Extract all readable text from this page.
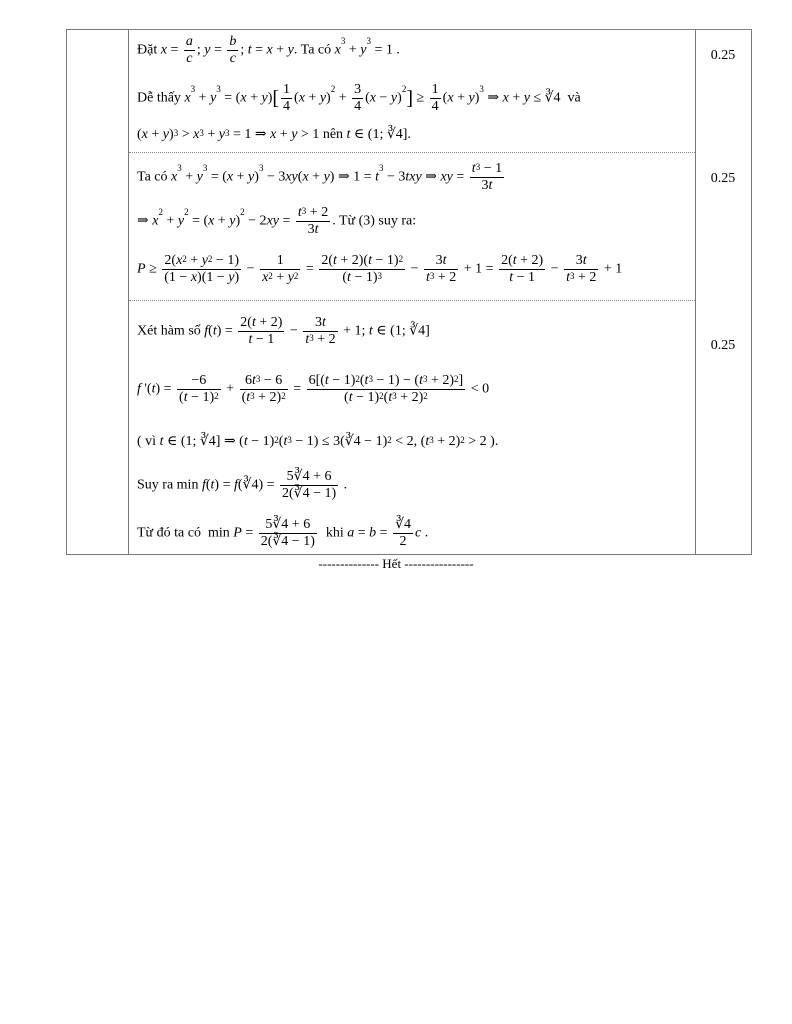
Đặt $x = \frac{a}{c}$ ; $y = \frac{b}{c}$ ; t = x + y. Ta có $x^3 + y^3 = 1$ .
Dễ thấy $x^3 + y^3 = (x + y)[ \frac{1}{4} (x + y)^2 + \frac{3}{4} (x - y)^2] \ge \frac{1}{4} (x + y)^3$ ⇒ x + y ≤ ∛4  và
$(x + y)^3 > x^3 + y^3 = 1$ ⇒ x + y > 1 nên t ∈ (1; ∛4].
0.25
Ta có $x^3 + y^3 = (x + y)^3 - 3xy(x + y)$ ⇒ $1 = t^3 - 3txy$ ⇒ xy = $\frac{t^3 - 1}{3t}$
⇒ $x^2 + y^2 = (x + y)^2 - 2xy = \frac{t^3 + 2}{3t}$ . Từ (3) suy ra:
$P \ge \frac{2(x^2 + y^2 - 1)}{(1 - x)(1 - y)} - \frac{1}{x^2 + y^2} = \frac{2(t + 2)(t - 1)^2}{(t - 1)^3} - \frac{3t}{t^3 + 2} + 1 = \frac{2(t + 2)}{t - 1} - \frac{3t}{t^3 + 2} + 1$
0.25
Xét hàm số $f(t) = \frac{2(t + 2)}{t - 1} - \frac{3t}{t^3 + 2} + 1$; t ∈ (1; ∛4]
f '$(t) = \frac{-6}{(t - 1)^2} + \frac{6t^3 - 6}{(t^3 + 2)^2} = \frac{6[(t - 1)^2(t^3 - 1) - (t^3 + 2)^2]}{(t - 1)^2(t^3 + 2)^2} < 0$
( vì t ∈ (1; ∛4] ⇒ $(t - 1)^2(t^3 - 1)$ ≤ 3(∛4 − 1)$^2$ < 2, $(t^3 + 2)^2 > 2$ ).
Suy ra min f(t) = f(∛4) = $\frac{5∛4 + 6}{2(∛4 - 1)}$ .
Từ đó ta có  $\min P = \frac{5∛4 + 6}{2(∛4 - 1)}$ khi $a = b = \frac{∛4}{2}$ c .
0.25
-------------- Hết ----------------
